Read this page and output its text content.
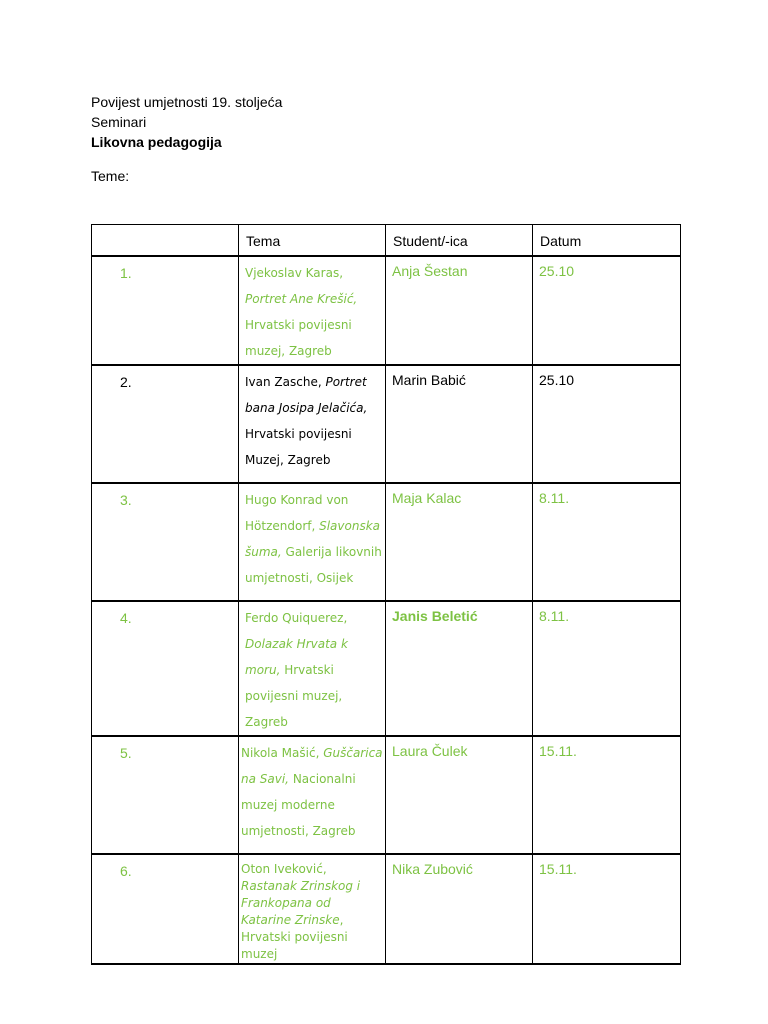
Povijest umjetnosti 19. stoljeća
Seminari
Likovna pedagogija
Teme:

	Tema	Student/-ica	Datum

1.	Vjekoslav Karas, Portret Ane Krešić, Hrvatski povijesni muzej, Zagreb	Anja Šestan	25.10

2.	Ivan Zasche, Portret bana Josipa Jelačića, Hrvatski povijesni Muzej, Zagreb	Marin Babić	25.10

3.	Hugo Konrad von Hötzendorf, Slavonska šuma, Galerija likovnih umjetnosti, Osijek	Maja Kalac	8.11.

4.	Ferdo Quiquerez, Dolazak Hrvata k moru, Hrvatski povijesni muzej, Zagreb	Janis Beletić	8.11.

5.	Nikola Mašić, Guščarica na Savi, Nacionalni muzej moderne umjetnosti, Zagreb	Laura Čulek	15.11.

6.	Oton Iveković, Rastanak Zrinskog i Frankopana od Katarine Zrinske, Hrvatski povijesni muzej	Nika Zubović	15.11.
